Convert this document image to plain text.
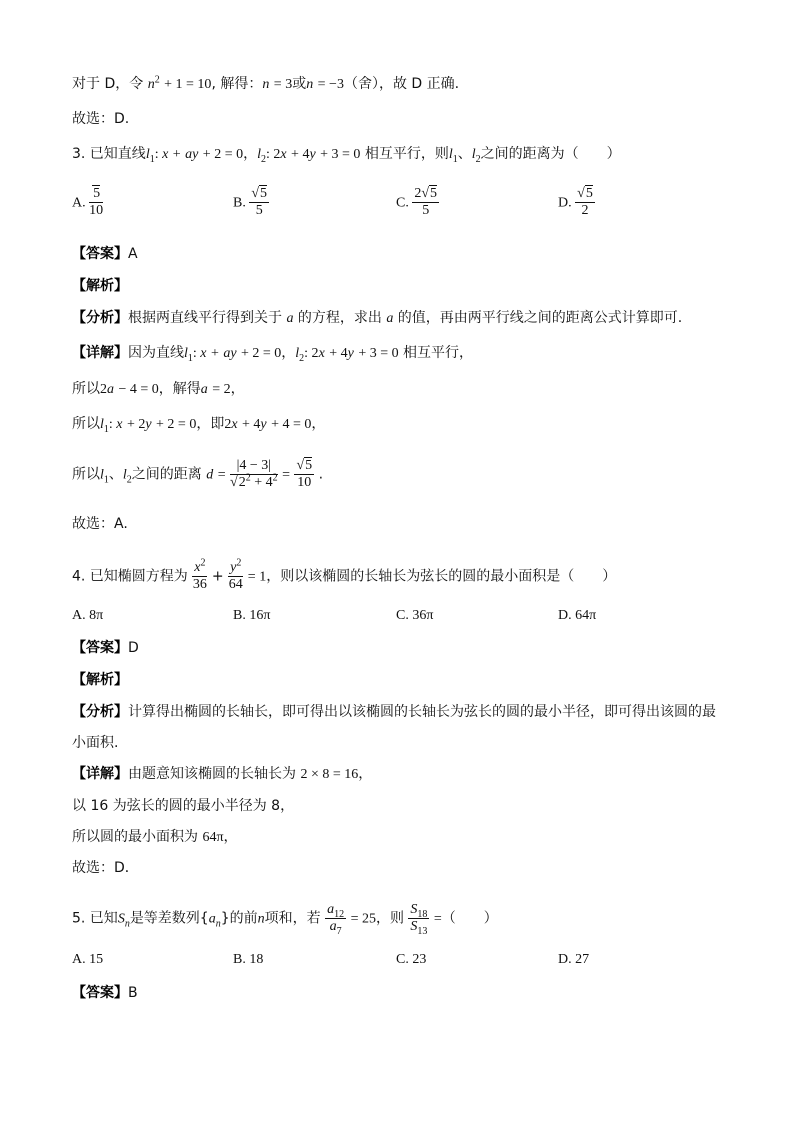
对于 D，令 $n^2 + 1 = 10$, 解得：n = 3或n = −3（舍），故 D 正确.
故选：D.
3. 已知直线$l_1$: x + ay + 2 = 0，$l_2$: 2x + 4y + 3 = 0 相互平行，则$l_1$、$l_2$之间的距离为（　　）
A. $\frac{5}{10}$	B. $\frac{√5}{5}$	C. $\frac{2√5}{5}$	D. $\frac{√5}{2}$
【答案】A
【解析】
【分析】根据两直线平行得到关于 a 的方程，求出 a 的值，再由两平行线之间的距离公式计算即可.
【详解】因为直线$l_1$: x + ay + 2 = 0，$l_2$: 2x + 4y + 3 = 0 相互平行，
所以2a − 4 = 0，解得a = 2，
所以$l_1$: x + 2y + 2 = 0，即2x + 4y + 4 = 0，
所以$l_1$、$l_2$之间的距离 $d = \frac{|4 - 3|}{√2^2 + 4^2} = \frac{√5}{10}$ .
故选：A.
4. 已知椭圆方程为 $\frac{x^2}{36} + \frac{y^2}{64} = 1$，则以该椭圆的长轴长为弦长的圆的最小面积是（　　）
A. 8π	B. 16π	C. 36π	D. 64π
【答案】D
【解析】
【分析】计算得出椭圆的长轴长，即可得出以该椭圆的长轴长为弦长的圆的最小半径，即可得出该圆的最
小面积.
【详解】由题意知该椭圆的长轴长为 2 × 8 = 16，
以 16 为弦长的圆的最小半径为 8，
所以圆的最小面积为 64π，
故选：D．
5. 已知$S_n$是等差数列$\{a_n\}$的前n项和，若 $\frac{a_{12}}{a_7} = 25$，则 $\frac{S_{18}}{S_{13}}$ =（　　）
A. 15	B. 18	C. 23	D. 27
【答案】B
